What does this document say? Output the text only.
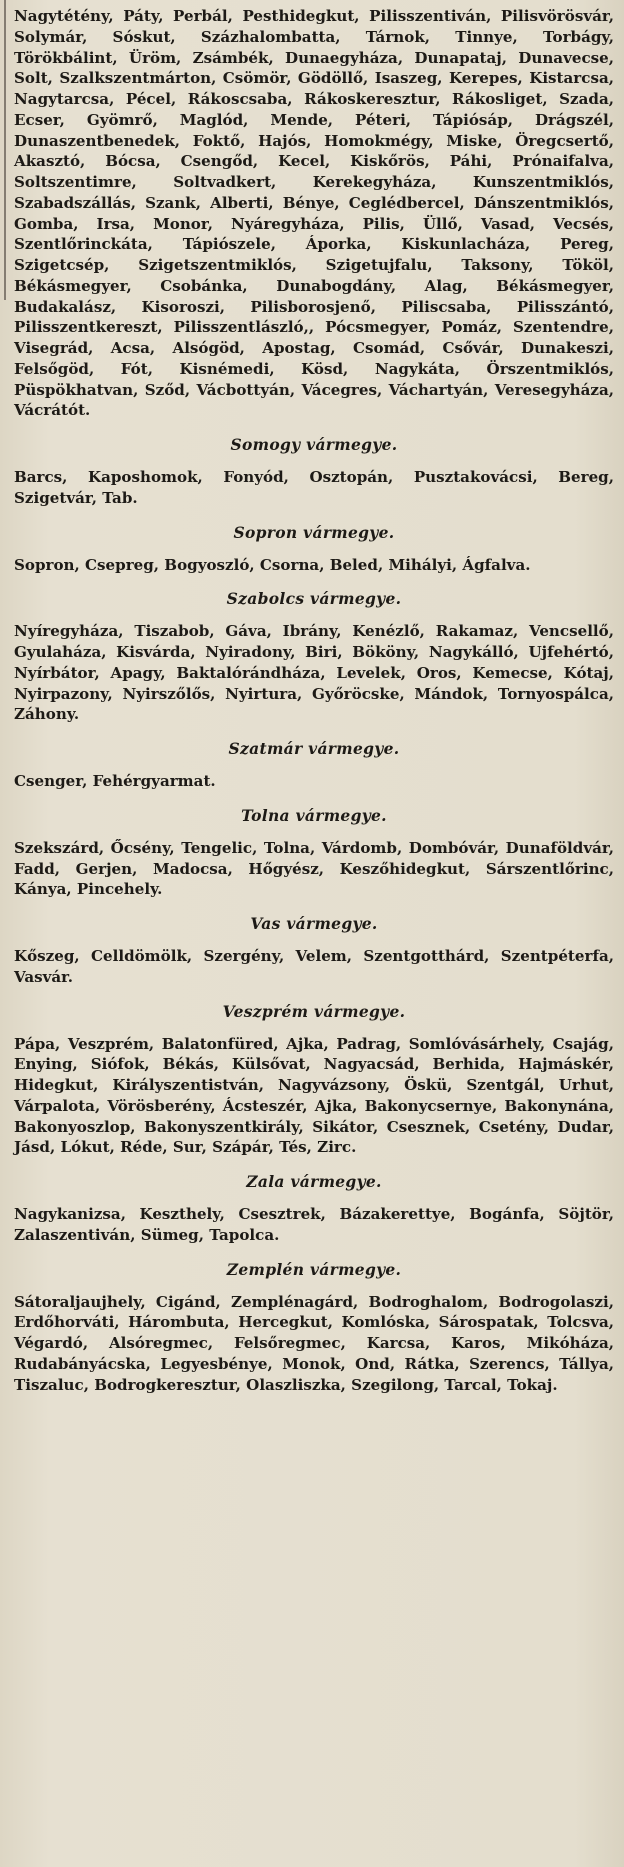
Nagytétény, Páty, Perbál, Pesthidegkut, Pilisszentiván, Pilisvörösvár, Solymár, Sóskut, Százhalombatta, Tárnok, Tinnye, Torbágy, Törökbálint, Üröm, Zsámbék, Dunaegyháza, Dunapataj, Dunavecse, Solt, Szalkszentmárton, Csömör, Gödöllő, Isaszeg, Kerepes, Kistarcsa, Nagytarcsa, Pécel, Rákoscsaba, Rákoskeresztur, Rákosliget, Szada, Ecser, Gyömrő, Maglód, Mende, Péteri, Tápiósáp, Drágszél, Dunaszentbenedek, Foktő, Hajós, Homokmégy, Miske, Öregcsertő, Akasztó, Bócsa, Csengőd, Kecel, Kiskőrös, Páhi, Prónaifalva, Soltszentimre, Soltvadkert, Kerekegyháza, Kunszentmiklós, Szabadszállás, Szank, Alberti, Bénye, Ceglédbercel, Dánszentmiklós, Gomba, Irsa, Monor, Nyáregyháza, Pilis, Üllő, Vasad, Vecsés, Szentlőrinckáta, Tápiószele, Áporka, Kiskunlacháza, Pereg, Szigetcsép, Szigetszentmiklós, Szigetujfalu, Taksony, Tököl, Békásmegyer, Csobánka, Dunabogdány, Alag, Békásmegyer, Budakalász, Kisoroszi, Pilisborosjenő, Piliscsaba, Pilisszántó, Pilisszentkereszt, Pilisszentlászló,, Pócsmegyer, Pomáz, Szentendre, Visegrád, Acsa, Alsógöd, Apostag, Csomád, Csővár, Dunakeszi, Felsőgöd, Fót, Kisnémedi, Kösd, Nagykáta, Örszentmiklós, Püspökhatvan, Sződ, Vácbottyán, Vácegres, Váchartyán, Veresegyháza, Vácrátót.

Somogy vármegye.

Barcs, Kaposhomok, Fonyód, Osztopán, Pusztakovácsi, Bereg, Szigetvár, Tab.

Sopron vármegye.

Sopron, Csepreg, Bogyoszló, Csorna, Beled, Mihályi, Ágfalva.

Szabolcs vármegye.

Nyíregyháza, Tiszabob, Gáva, Ibrány, Kenézlő, Rakamaz, Vencsellő, Gyulaháza, Kisvárda, Nyiradony, Biri, Bököny, Nagykálló, Ujfehértó, Nyírbátor, Apagy, Baktalórándháza, Levelek, Oros, Kemecse, Kótaj, Nyirpazony, Nyirszőlős, Nyirtura, Győröcske, Mándok, Tornyospálca, Záhony.

Szatmár vármegye.

Csenger, Fehérgyarmat.

Tolna vármegye.

Szekszárd, Őcsény, Tengelic, Tolna, Várdomb, Dombóvár, Dunaföldvár, Fadd, Gerjen, Madocsa, Hőgyész, Keszőhidegkut, Sárszentlőrinc, Kánya, Pincehely.

Vas vármegye.

Kőszeg, Celldömölk, Szergény, Velem, Szentgotthárd, Szentpéterfa, Vasvár.

Veszprém vármegye.

Pápa, Veszprém, Balatonfüred, Ajka, Padrag, Somlóvásárhely, Csajág, Enying, Siófok, Békás, Külsővat, Nagyacsád, Berhida, Hajmáskér, Hidegkut, Királyszentistván, Nagyvázsony, Öskü, Szentgál, Urhut, Várpalota, Vörösberény, Ácsteszér, Ajka, Bakonycsernye, Bakonynána, Bakonyoszlop, Bakonyszentkirály, Sikátor, Csesznek, Csetény, Dudar, Jásd, Lókut, Réde, Sur, Szápár, Tés, Zirc.

Zala vármegye.

Nagykanizsa, Keszthely, Csesztrek, Bázakerettye, Bogánfa, Söjtör, Zalaszentiván, Sümeg, Tapolca.

Zemplén vármegye.

Sátoraljaujhely, Cigánd, Zemplénagárd, Bodroghalom, Bodrogolaszi, Erdőhorváti, Hárombuta, Hercegkut, Komlóska, Sárospatak, Tolcsva, Végardó, Alsóregmec, Felsőregmec, Karcsa, Karos, Mikóháza, Rudabányácska, Legyesbénye, Monok, Ond, Rátka, Szerencs, Tállya, Tiszaluc, Bodrogkeresztur, Olaszliszka, Szegilong, Tarcal, Tokaj.
